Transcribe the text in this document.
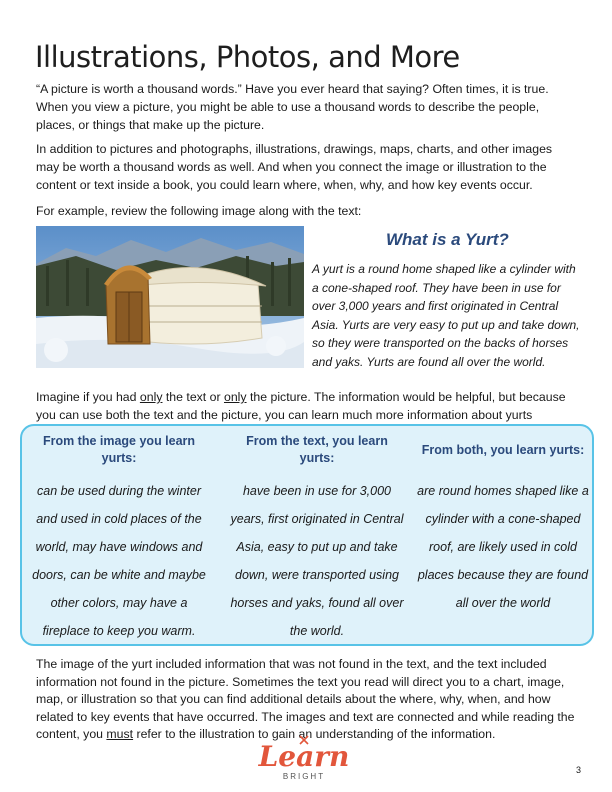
Illustrations, Photos, and More

“A picture is worth a thousand words.” Have you ever heard that saying? Often times, it is true. When you view a picture, you might be able to use a thousand words to describe the people, places, or things that make up the picture.

In addition to pictures and photographs, illustrations, drawings, maps, charts, and other images may be worth a thousand words as well. And when you connect the image or illustration to the content or text inside a book, you could learn where, when, why, and how key events occur.

For example, review the following image along with the text:

What is a Yurt?

A yurt is a round home shaped like a cylinder with a cone-shaped roof. They have been in use for over 3,000 years and first originated in Central Asia. Yurts are very easy to put up and take down, so they were transported on the backs of horses and yaks. Yurts are found all over the world.

Imagine if you had only the text or only the picture. The information would be helpful, but because you can use both the text and the picture, you can learn much more information about yurts

From the image you learn yurts:
can be used during the winter and used in cold places of the world, may have windows and doors, can be white and maybe other colors, may have a fireplace to keep you warm.
From the text, you learn yurts:
have been in use for 3,000 years, first originated in Central Asia, easy to put up and take down, were transported using horses and yaks, found all over the world.
From both, you learn yurts:
are round homes shaped like a cylinder with a cone-shaped roof, are likely used in cold places because they are found all over the world

The image of the yurt included information that was not found in the text, and the text included information not found in the picture. Sometimes the text you read will direct you to a chart, image, map, or illustration so that you can find additional details about the where, why, when, and how related to key events that have occurred. The images and text are connected and while reading the content, you must refer to the illustration to gain an understanding of the information.

Learn
BRIGHT
3
